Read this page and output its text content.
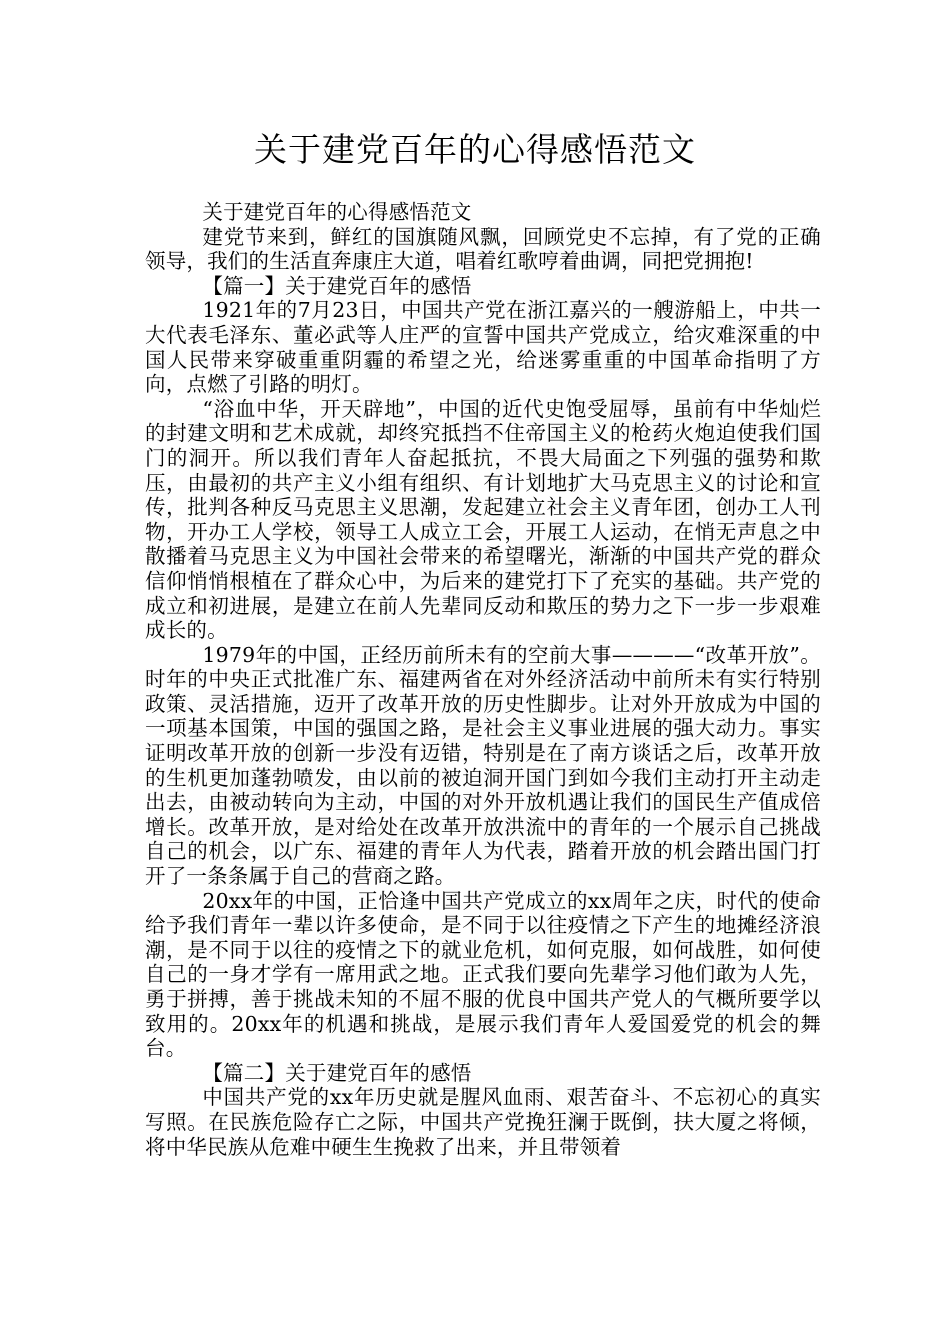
关于建党百年的心得感悟范文

关于建党百年的心得感悟范文

建党节来到，鲜红的国旗随风飘，回顾党史不忘掉，有了党的正确领导，我们的生活直奔康庄大道，唱着红歌哼着曲调，同把党拥抱!

【篇一】关于建党百年的感悟

1921年的7月23日，中国共产党在浙江嘉兴的一艘游船上，中共一大代表毛泽东、董必武等人庄严的宣誓中国共产党成立，给灾难深重的中国人民带来穿破重重阴霾的希望之光，给迷雾重重的中国革命指明了方向，点燃了引路的明灯。

“浴血中华，开天辟地”，中国的近代史饱受屈辱，虽前有中华灿烂的封建文明和艺术成就，却终究抵挡不住帝国主义的枪药火炮迫使我们国门的洞开。所以我们青年人奋起抵抗，不畏大局面之下列强的强势和欺压，由最初的共产主义小组有组织、有计划地扩大马克思主义的讨论和宣传，批判各种反马克思主义思潮，发起建立社会主义青年团，创办工人刊物，开办工人学校，领导工人成立工会，开展工人运动，在悄无声息之中散播着马克思主义为中国社会带来的希望曙光，渐渐的中国共产党的群众信仰悄悄根植在了群众心中，为后来的建党打下了充实的基础。共产党的成立和初进展，是建立在前人先辈同反动和欺压的势力之下一步一步艰难成长的。

1979年的中国，正经历前所未有的空前大事————“改革开放”。时年的中央正式批准广东、福建两省在对外经济活动中前所未有实行特别政策、灵活措施，迈开了改革开放的历史性脚步。让对外开放成为中国的一项基本国策，中国的强国之路，是社会主义事业进展的强大动力。事实证明改革开放的创新一步没有迈错，特别是在了南方谈话之后，改革开放的生机更加蓬勃喷发，由以前的被迫洞开国门到如今我们主动打开主动走出去，由被动转向为主动，中国的对外开放机遇让我们的国民生产值成倍增长。改革开放，是对给处在改革开放洪流中的青年的一个展示自己挑战自己的机会，以广东、福建的青年人为代表，踏着开放的机会踏出国门打开了一条条属于自己的营商之路。

20xx年的中国，正恰逢中国共产党成立的xx周年之庆，时代的使命给予我们青年一辈以许多使命，是不同于以往疫情之下产生的地摊经济浪潮，是不同于以往的疫情之下的就业危机，如何克服，如何战胜，如何使自己的一身才学有一席用武之地。正式我们要向先辈学习他们敢为人先，勇于拼搏，善于挑战未知的不屈不服的优良中国共产党人的气概所要学以致用的。20xx年的机遇和挑战，是展示我们青年人爱国爱党的机会的舞台。

【篇二】关于建党百年的感悟

中国共产党的xx年历史就是腥风血雨、艰苦奋斗、不忘初心的真实写照。在民族危险存亡之际，中国共产党挽狂澜于既倒，扶大厦之将倾，将中华民族从危难中硬生生挽救了出来，并且带领着
